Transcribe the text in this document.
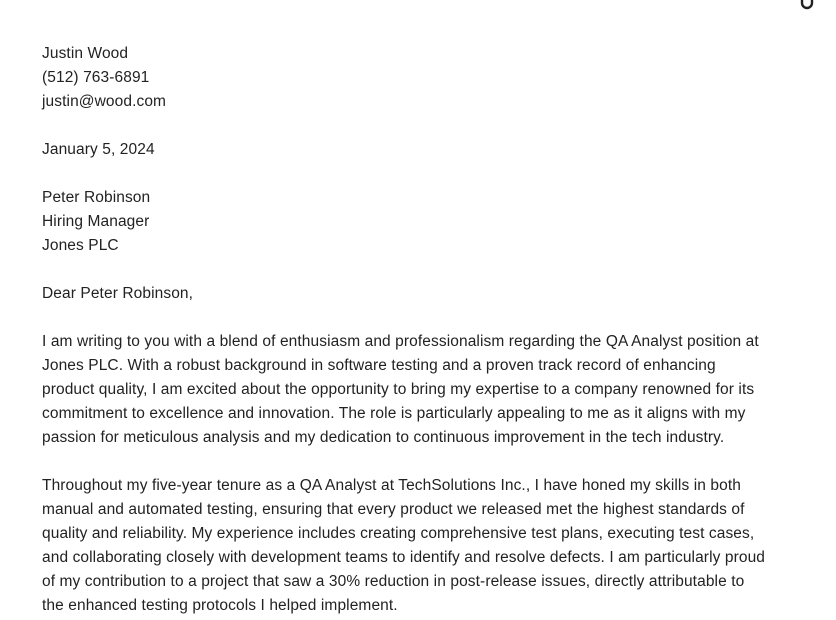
Justin Wood
(512) 763-6891
justin@wood.com
January 5, 2024
Peter Robinson
Hiring Manager
Jones PLC
Dear Peter Robinson,
I am writing to you with a blend of enthusiasm and professionalism regarding the QA Analyst position at
Jones PLC. With a robust background in software testing and a proven track record of enhancing
product quality, I am excited about the opportunity to bring my expertise to a company renowned for its
commitment to excellence and innovation. The role is particularly appealing to me as it aligns with my
passion for meticulous analysis and my dedication to continuous improvement in the tech industry.
Throughout my five-year tenure as a QA Analyst at TechSolutions Inc., I have honed my skills in both
manual and automated testing, ensuring that every product we released met the highest standards of
quality and reliability. My experience includes creating comprehensive test plans, executing test cases,
and collaborating closely with development teams to identify and resolve defects. I am particularly proud
of my contribution to a project that saw a 30% reduction in post-release issues, directly attributable to
the enhanced testing protocols I helped implement.
